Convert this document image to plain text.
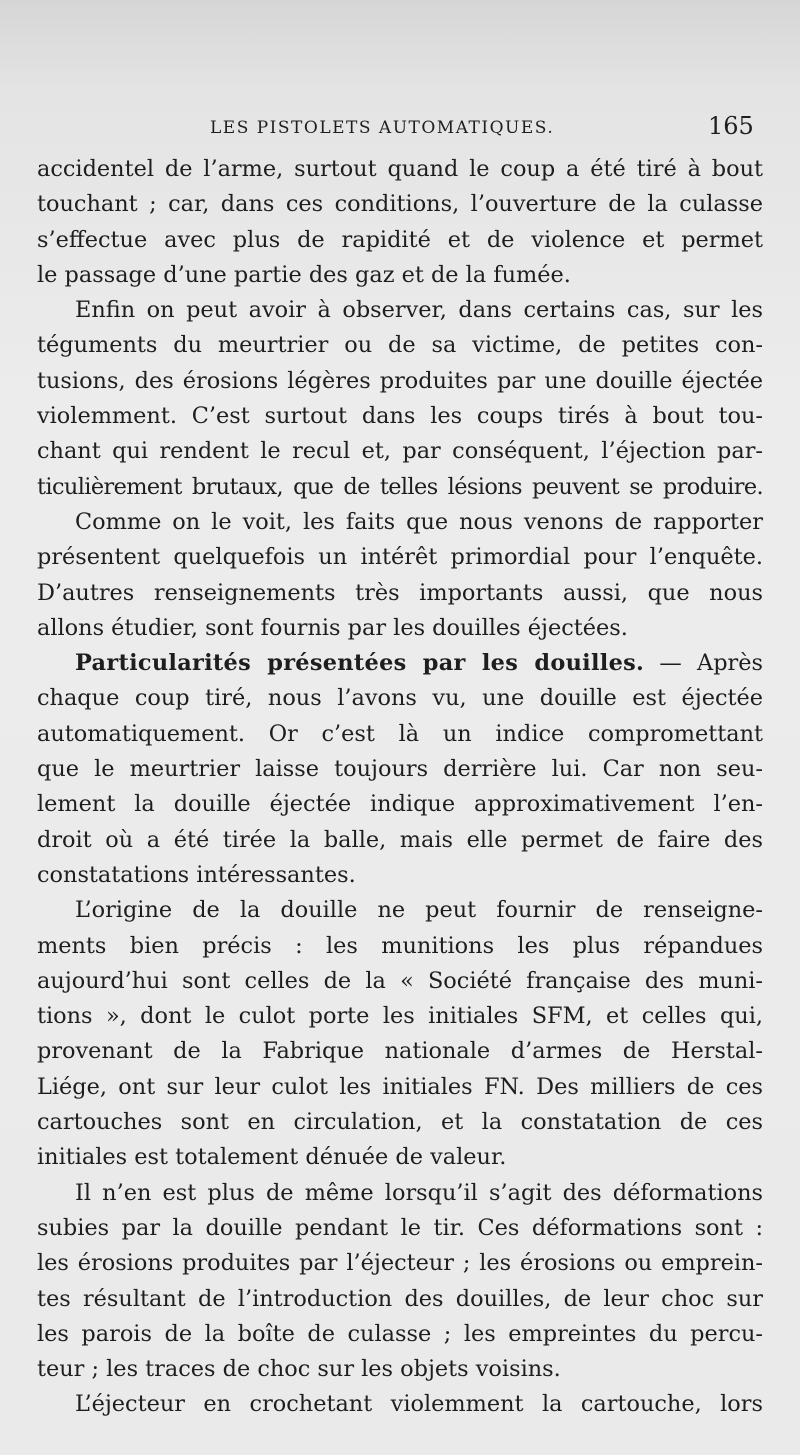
LES PISTOLETS AUTOMATIQUES.	165
accidentel de l’arme, surtout quand le coup a été tiré à bout
touchant ; car, dans ces conditions, l’ouverture de la culasse
s’effectue avec plus de rapidité et de violence et permet
le passage d’une partie des gaz et de la fumée.
Enfin on peut avoir à observer, dans certains cas, sur les
téguments du meurtrier ou de sa victime, de petites con-
tusions, des érosions légères produites par une douille éjectée
violemment. C’est surtout dans les coups tirés à bout tou-
chant qui rendent le recul et, par conséquent, l’éjection par-
ticulièrement brutaux, que de telles lésions peuvent se produire.
Comme on le voit, les faits que nous venons de rapporter
présentent quelquefois un intérêt primordial pour l’enquête.
D’autres renseignements très importants aussi, que nous
allons étudier, sont fournis par les douilles éjectées.
Particularités présentées par les douilles. — Après
chaque coup tiré, nous l’avons vu, une douille est éjectée
automatiquement. Or c’est là un indice compromettant
que le meurtrier laisse toujours derrière lui. Car non seu-
lement la douille éjectée indique approximativement l’en-
droit où a été tirée la balle, mais elle permet de faire des
constatations intéressantes.
L’origine de la douille ne peut fournir de renseigne-
ments bien précis : les munitions les plus répandues
aujourd’hui sont celles de la « Société française des muni-
tions », dont le culot porte les initiales SFM, et celles qui,
provenant de la Fabrique nationale d’armes de Herstal-
Liége, ont sur leur culot les initiales FN. Des milliers de ces
cartouches sont en circulation, et la constatation de ces
initiales est totalement dénuée de valeur.
Il n’en est plus de même lorsqu’il s’agit des déformations
subies par la douille pendant le tir. Ces déformations sont :
les érosions produites par l’éjecteur ; les érosions ou emprein-
tes résultant de l’introduction des douilles, de leur choc sur
les parois de la boîte de culasse ; les empreintes du percu-
teur ; les traces de choc sur les objets voisins.
L’éjecteur en crochetant violemment la cartouche, lors
